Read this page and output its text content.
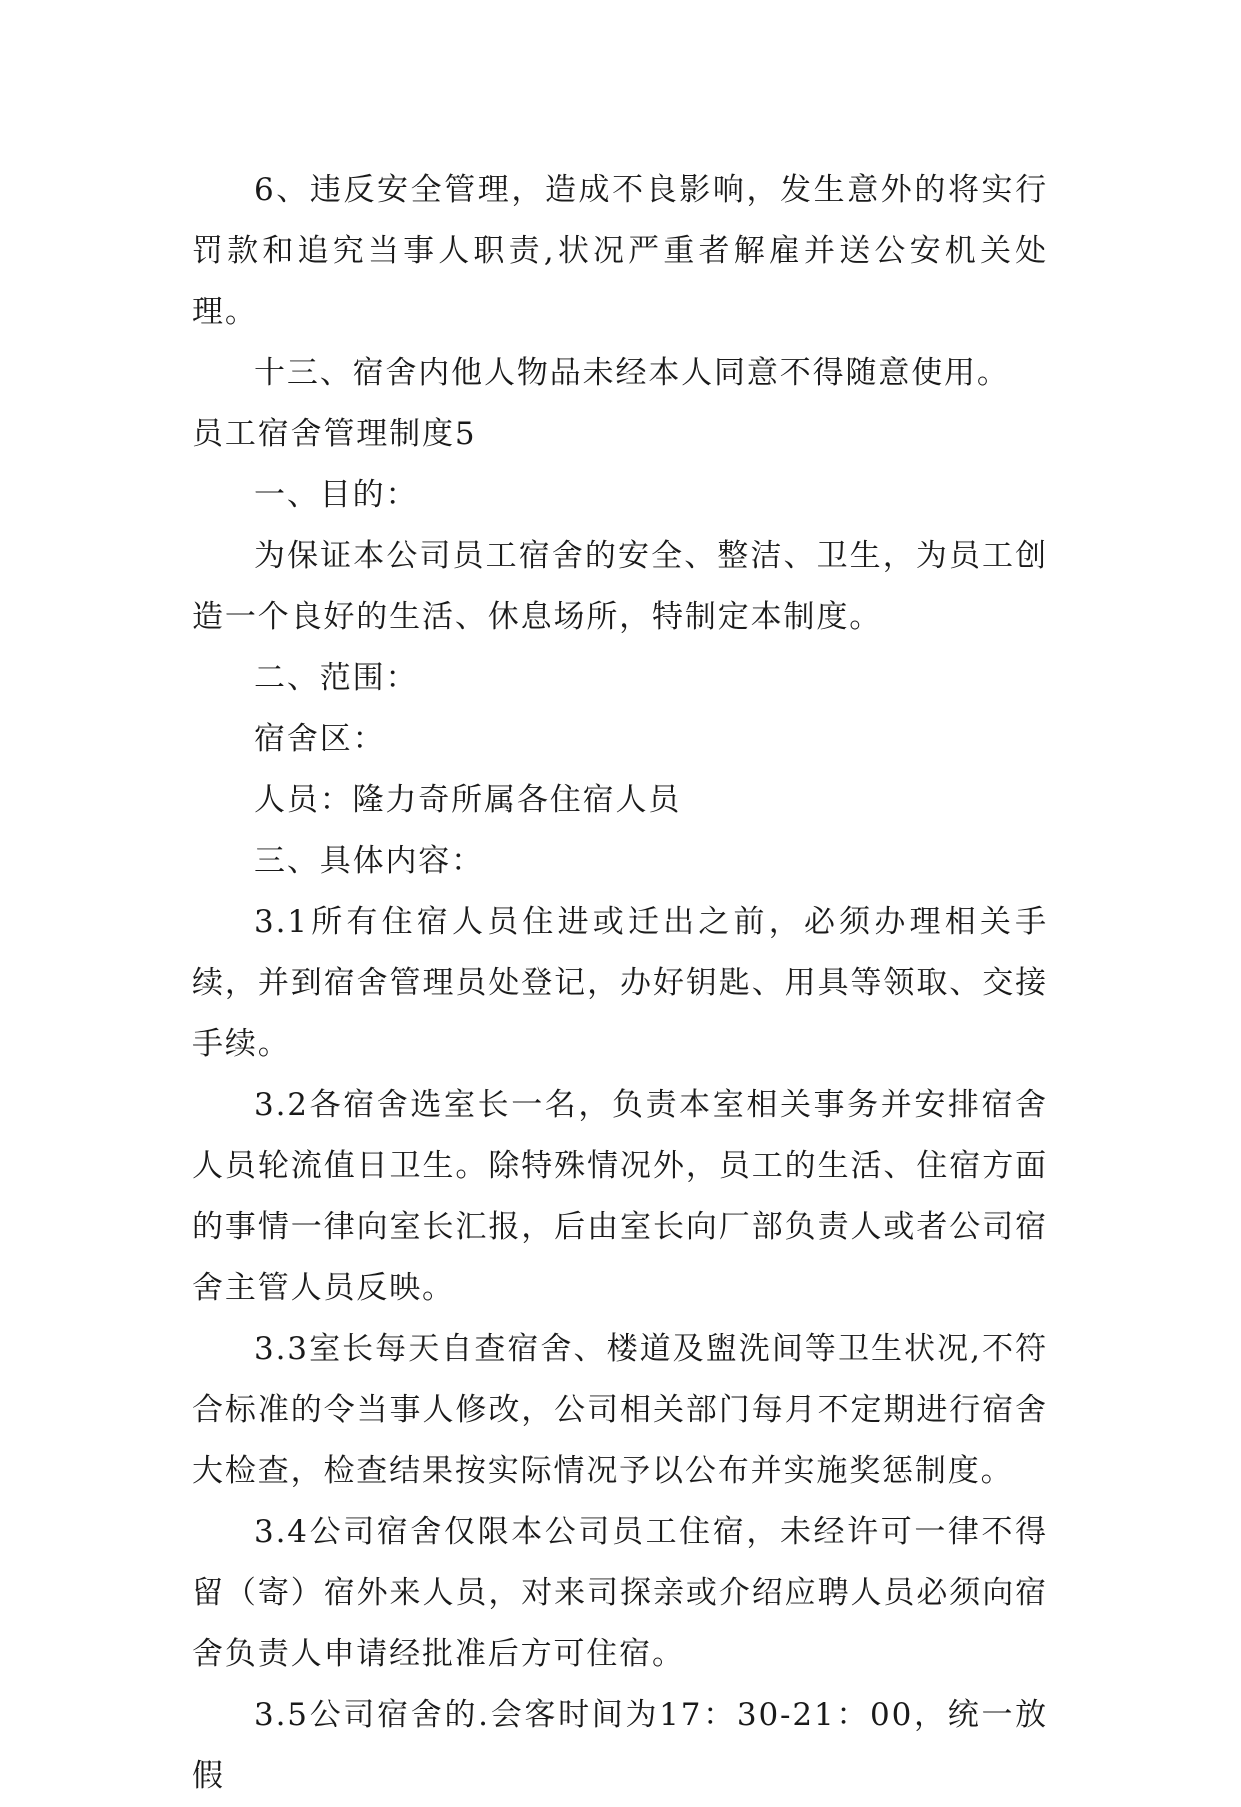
6、违反安全管理，造成不良影响，发生意外的将实行罚款和追究当事人职责,状况严重者解雇并送公安机关处理。

十三、宿舍内他人物品未经本人同意不得随意使用。

员工宿舍管理制度5

一、目的：

为保证本公司员工宿舍的安全、整洁、卫生，为员工创造一个良好的生活、休息场所，特制定本制度。

二、范围：

宿舍区：

人员：隆力奇所属各住宿人员

三、具体内容：

3.1所有住宿人员住进或迁出之前，必须办理相关手续，并到宿舍管理员处登记，办好钥匙、用具等领取、交接手续。

3.2各宿舍选室长一名，负责本室相关事务并安排宿舍人员轮流值日卫生。除特殊情况外，员工的生活、住宿方面的事情一律向室长汇报，后由室长向厂部负责人或者公司宿舍主管人员反映。

3.3室长每天自查宿舍、楼道及盥洗间等卫生状况,不符合标准的令当事人修改，公司相关部门每月不定期进行宿舍大检查，检查结果按实际情况予以公布并实施奖惩制度。

3.4公司宿舍仅限本公司员工住宿，未经许可一律不得留（寄）宿外来人员，对来司探亲或介绍应聘人员必须向宿舍负责人申请经批准后方可住宿。

3.5公司宿舍的.会客时间为17：30-21：00，统一放假
